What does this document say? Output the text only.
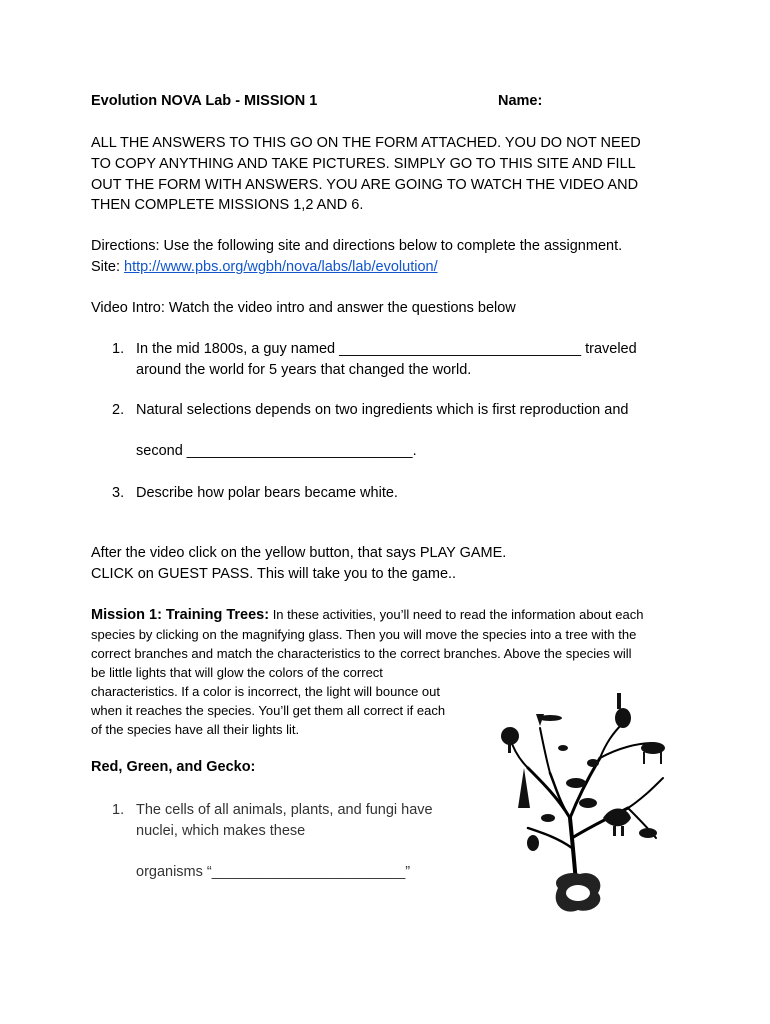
Evolution NOVA Lab - MISSION 1	Name:
ALL THE ANSWERS TO THIS GO ON THE FORM ATTACHED. YOU DO NOT NEED
TO COPY ANYTHING AND TAKE PICTURES. SIMPLY GO TO THIS SITE AND FILL
OUT THE FORM WITH ANSWERS. YOU ARE GOING TO WATCH THE VIDEO AND
THEN COMPLETE MISSIONS 1,2 AND 6.
Directions: Use the following site and directions below to complete the assignment.
Site: http://www.pbs.org/wgbh/nova/labs/lab/evolution/
Video Intro: Watch the video intro and answer the questions below
1. In the mid 1800s, a guy named ______________________________ traveled
around the world for 5 years that changed the world.
2. Natural selections depends on two ingredients which is first reproduction and
second ____________________________.
3. Describe how polar bears became white.
After the video click on the yellow button, that says PLAY GAME.
CLICK on GUEST PASS. This will take you to the game..
Mission 1: Training Trees: In these activities, you’ll need to read the information about each
species by clicking on the magnifying glass. Then you will move the species into a tree with the
correct branches and match the characteristics to the correct branches. Above the species will
be little lights that will glow the colors of the correct
characteristics. If a color is incorrect, the light will bounce out
when it reaches the species. You’ll get them all correct if each
of the species have all their lights lit.
Red, Green, and Gecko:
1. The cells of all animals, plants, and fungi have
nuclei, which makes these
organisms “________________________”
